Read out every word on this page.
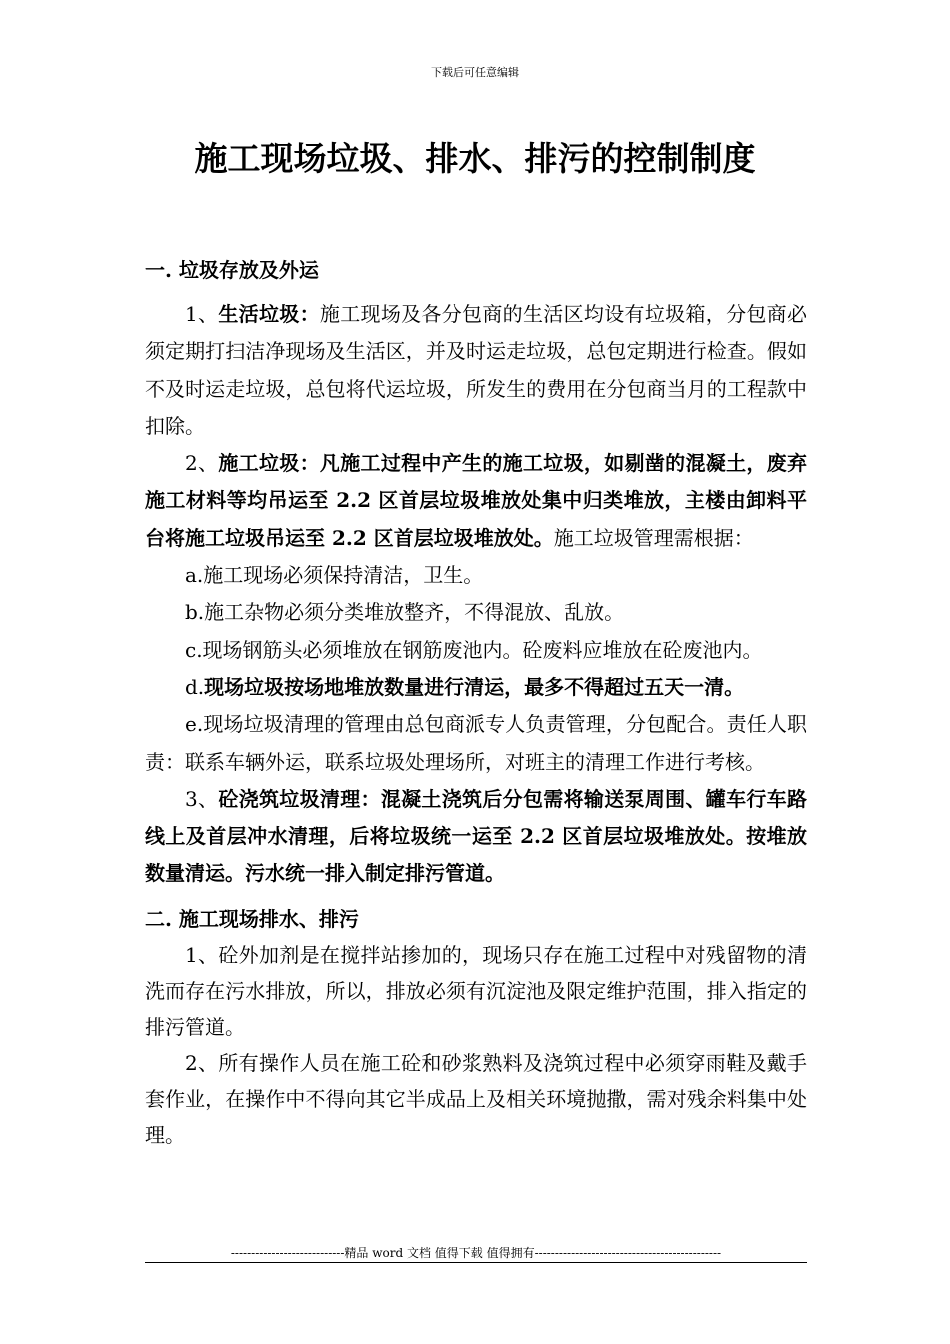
下载后可任意编辑
施工现场垃圾、排水、排污的控制制度

一. 垃圾存放及外运

1、生活垃圾：施工现场及各分包商的生活区均设有垃圾箱，分包商必须定期打扫洁净现场及生活区，并及时运走垃圾，总包定期进行检查。假如不及时运走垃圾，总包将代运垃圾，所发生的费用在分包商当月的工程款中扣除。

2、施工垃圾：凡施工过程中产生的施工垃圾，如剔凿的混凝土，废弃施工材料等均吊运至 2.2 区首层垃圾堆放处集中归类堆放，主楼由卸料平台将施工垃圾吊运至 2.2 区首层垃圾堆放处。施工垃圾管理需根据：

a.施工现场必须保持清洁，卫生。

b.施工杂物必须分类堆放整齐，不得混放、乱放。

c.现场钢筋头必须堆放在钢筋废池内。砼废料应堆放在砼废池内。

d.现场垃圾按场地堆放数量进行清运，最多不得超过五天一清。

e.现场垃圾清理的管理由总包商派专人负责管理，分包配合。责任人职责：联系车辆外运，联系垃圾处理场所，对班主的清理工作进行考核。

3、砼浇筑垃圾清理：混凝土浇筑后分包需将输送泵周围、罐车行车路线上及首层冲水清理，后将垃圾统一运至 2.2 区首层垃圾堆放处。按堆放数量清运。污水统一排入制定排污管道。

二. 施工现场排水、排污

1、砼外加剂是在搅拌站掺加的，现场只存在施工过程中对残留物的清洗而存在污水排放，所以，排放必须有沉淀池及限定维护范围，排入指定的排污管道。

2、所有操作人员在施工砼和砂浆熟料及浇筑过程中必须穿雨鞋及戴手套作业，在操作中不得向其它半成品上及相关环境抛撒，需对残余料集中处理。

----------------------------精品 word 文档 值得下载 值得拥有----------------------------------------------
